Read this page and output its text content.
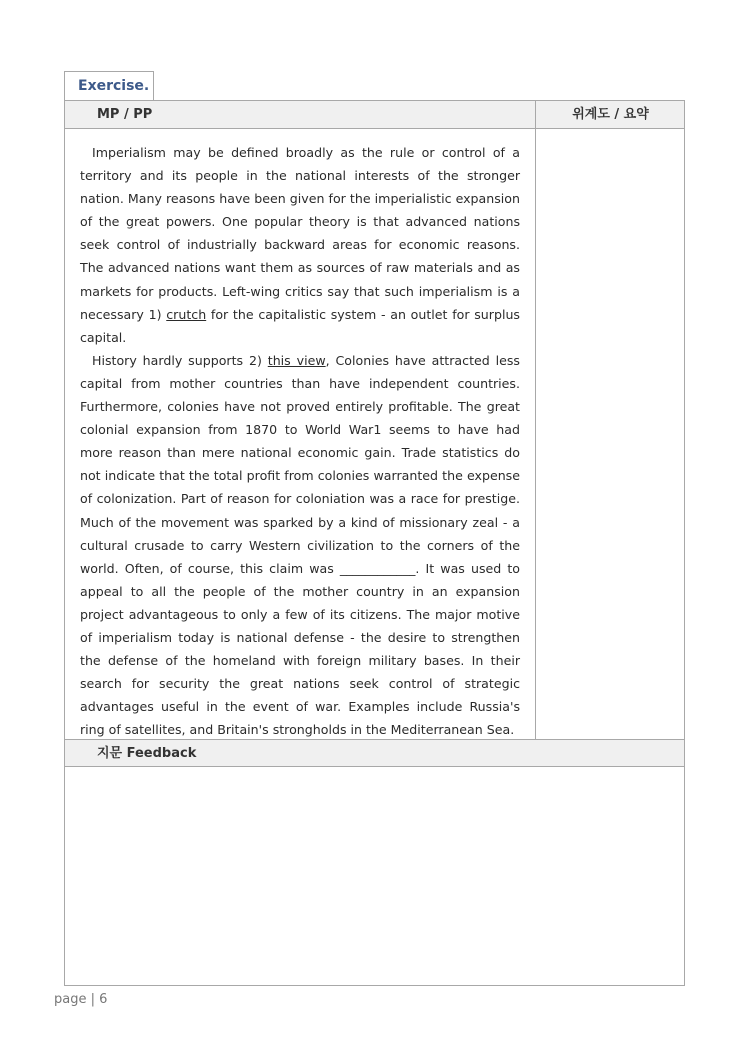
Exercise.
MP / PP	위계도 / 요약

Imperialism may be defined broadly as the rule or control of a territory and its people in the national interests of the stronger nation. Many reasons have been given for the imperialistic expansion of the great powers. One popular theory is that advanced nations seek control of industrially backward areas for economic reasons. The advanced nations want them as sources of raw materials and as markets for products. Left-wing critics say that such imperialism is a necessary 1) crutch for the capitalistic system - an outlet for surplus capital.

History hardly supports 2) this view, Colonies have attracted less capital from mother countries than have independent countries. Furthermore, colonies have not proved entirely profitable. The great colonial expansion from 1870 to World War1 seems to have had more reason than mere national economic gain. Trade statistics do not indicate that the total profit from colonies warranted the expense of colonization. Part of reason for coloniation was a race for prestige. Much of the movement was sparked by a kind of missionary zeal - a cultural crusade to carry Western civilization to the corners of the world. Often, of course, this claim was ____________. It was used to appeal to all the people of the mother country in an expansion project advantageous to only a few of its citizens. The major motive of imperialism today is national defense - the desire to strengthen the defense of the homeland with foreign military bases. In their search for security the great nations seek control of strategic advantages useful in the event of war. Examples include Russia's ring of satellites, and Britain's strongholds in the Mediterranean Sea.

지문 Feedback
page | 6
